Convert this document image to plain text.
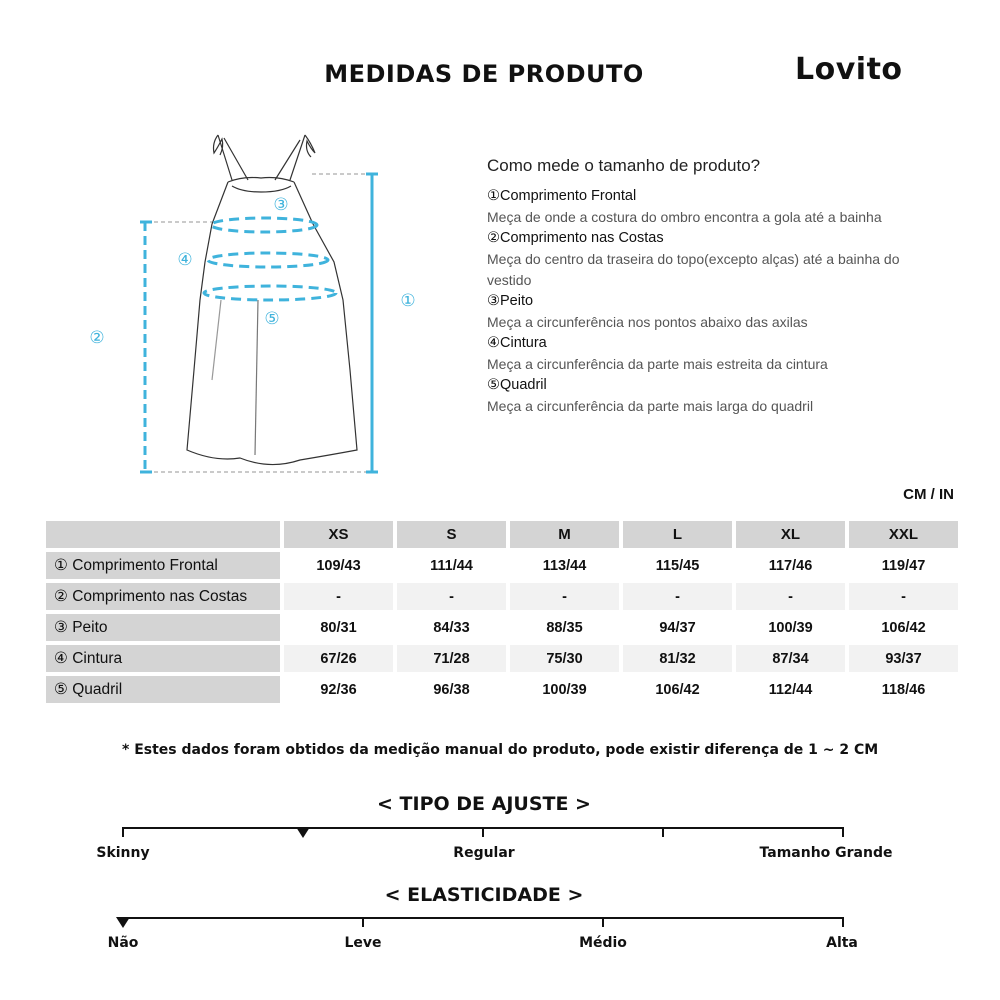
MEDIDAS DE PRODUTO	Lovito
①
②
③
④
⑤
Como mede o tamanho de produto?
①Comprimento Frontal
Meça de onde a costura do ombro encontra a gola até a bainha
②Comprimento nas Costas
Meça do centro da traseira do topo(excepto alças) até a bainha do vestido
③Peito
Meça a circunferência nos pontos abaixo das axilas
④Cintura
Meça a circunferência da parte mais estreita da cintura
⑤Quadril
Meça a circunferência da parte mais larga do quadril
CM / IN
	XS	S	M	L	XL	XXL
① Comprimento Frontal	109/43	111/44	113/44	115/45	117/46	119/47
② Comprimento nas Costas	-	-	-	-	-	-
③ Peito	80/31	84/33	88/35	94/37	100/39	106/42
④ Cintura	67/26	71/28	75/30	81/32	87/34	93/37
⑤ Quadril	92/36	96/38	100/39	106/42	112/44	118/46
* Estes dados foram obtidos da medição manual do produto, pode existir diferença de 1 ~ 2 CM
< TIPO DE AJUSTE >
Skinny	Regular	Tamanho Grande
< ELASTICIDADE >
Não	Leve	Médio	Alta
